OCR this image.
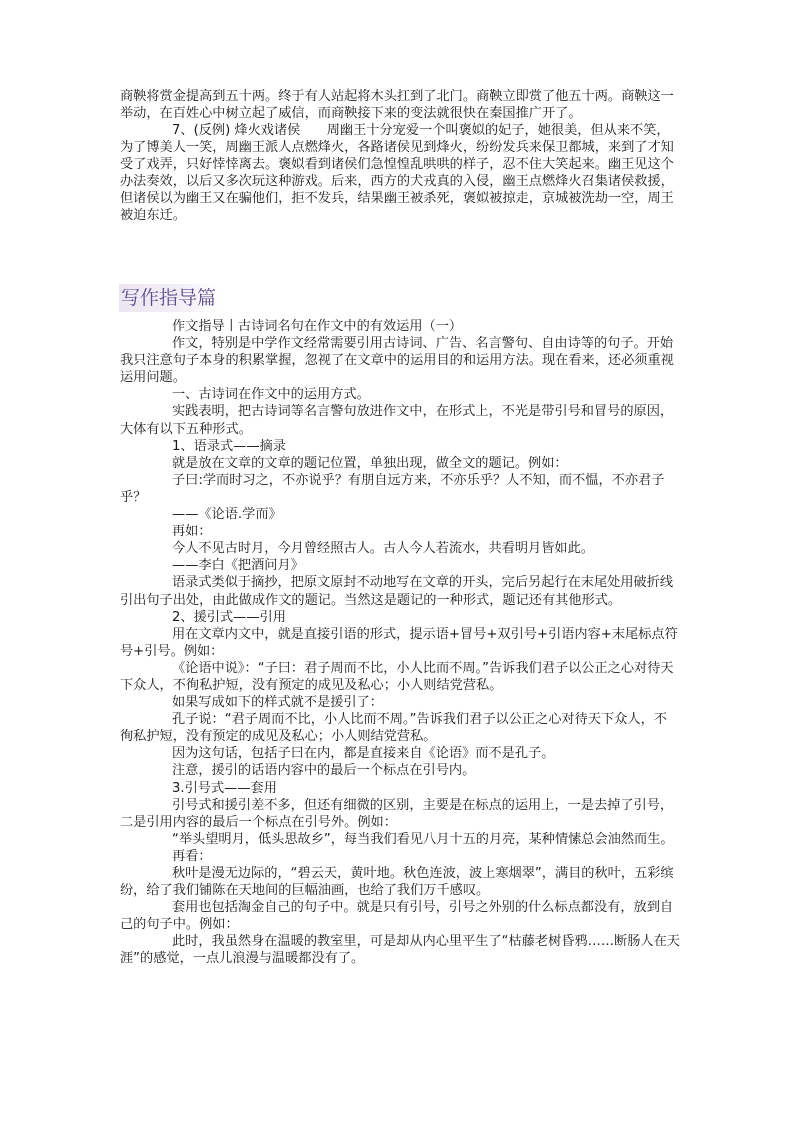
商鞅将赏金提高到五十两。终于有人站起将木头扛到了北门。商鞅立即赏了他五十两。商鞅这一举动，在百姓心中树立起了威信，而商鞅接下来的变法就很快在秦国推广开了。

7、(反例) 烽火戏诸侯　　周幽王十分宠爱一个叫褒姒的妃子，她很美，但从来不笑，为了博美人一笑，周幽王派人点燃烽火，各路诸侯见到烽火，纷纷发兵来保卫都城，来到了才知受了戏弄，只好悻悻离去。褒姒看到诸侯们急惶惶乱哄哄的样子，忍不住大笑起来。幽王见这个办法奏效，以后又多次玩这种游戏。后来，西方的犬戎真的入侵，幽王点燃烽火召集诸侯救援，但诸侯以为幽王又在骗他们，拒不发兵，结果幽王被杀死，褒姒被掠走，京城被洗劫一空，周王被迫东迁。

写作指导篇

作文指导丨古诗词名句在作文中的有效运用（一）

作文，特别是中学作文经常需要引用古诗词、广告、名言警句、自由诗等的句子。开始我只注意句子本身的积累掌握，忽视了在文章中的运用目的和运用方法。现在看来，还必须重视运用问题。

一、古诗词在作文中的运用方式。

实践表明，把古诗词等名言警句放进作文中，在形式上，不光是带引号和冒号的原因，大体有以下五种形式。

1、语录式——摘录

就是放在文章的文章的题记位置，单独出现，做全文的题记。例如：

子曰:学而时习之，不亦说乎？有朋自远方来，不亦乐乎？人不知，而不愠，不亦君子乎？

——《论语.学而》

再如：

今人不见古时月，今月曾经照古人。古人今人若流水，共看明月皆如此。

——李白《把酒问月》

语录式类似于摘抄，把原文原封不动地写在文章的开头，完后另起行在末尾处用破折线引出句子出处，由此做成作文的题记。当然这是题记的一种形式，题记还有其他形式。

2、援引式——引用

用在文章内文中，就是直接引语的形式，提示语+冒号+双引号+引语内容+末尾标点符号+引号。例如：

《论语中说》：“子曰：君子周而不比，小人比而不周。”告诉我们君子以公正之心对待天下众人，不徇私护短，没有预定的成见及私心；小人则结党营私。

如果写成如下的样式就不是援引了：

孔子说：“君子周而不比，小人比而不周。”告诉我们君子以公正之心对待天下众人，不徇私护短，没有预定的成见及私心；小人则结党营私。

因为这句话，包括子曰在内，都是直接来自《论语》而不是孔子。

注意，援引的话语内容中的最后一个标点在引号内。

3.引号式——套用

引号式和援引差不多，但还有细微的区别，主要是在标点的运用上，一是去掉了引号，二是引用内容的最后一个标点在引号外。例如：

“举头望明月，低头思故乡”，每当我们看见八月十五的月亮，某种情愫总会油然而生。

再看：

秋叶是漫无边际的，“碧云天，黄叶地。秋色连波，波上寒烟翠”，满目的秋叶，五彩缤纷，给了我们铺陈在天地间的巨幅油画，也给了我们万千感叹。

套用也包括淘金自己的句子中。就是只有引号，引号之外别的什么标点都没有，放到自己的句子中。例如：

此时，我虽然身在温暖的教室里，可是却从内心里平生了“枯藤老树昏鸦……断肠人在天涯”的感觉，一点儿浪漫与温暖都没有了。
